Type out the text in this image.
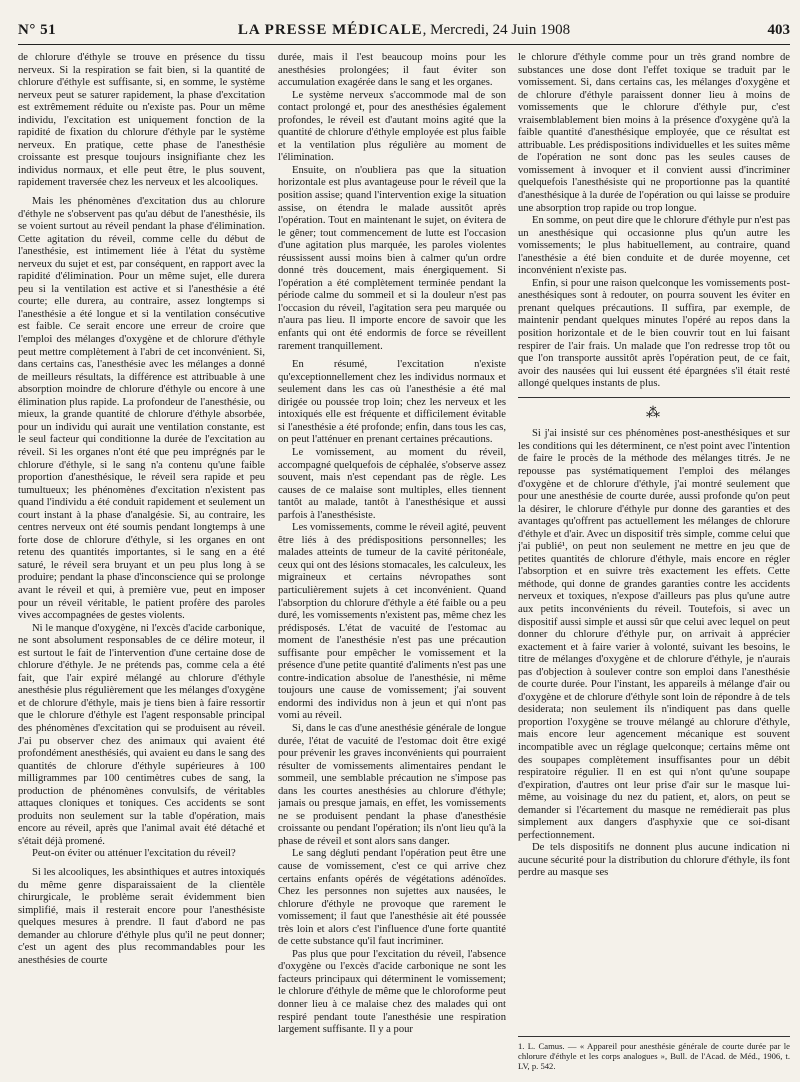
N° 51	LA PRESSE MÉDICALE, Mercredi, 24 Juin 1908	403

de chlorure d'éthyle se trouve en présence du tissu nerveux. Si la respiration se fait bien, si la quantité de chlorure d'éthyle est suffisante, si, en somme, le système nerveux peut se saturer rapidement, la phase d'excitation est extrêmement réduite ou n'existe pas. Pour un même individu, l'excitation est uniquement fonction de la rapidité de fixation du chlorure d'éthyle par le système nerveux. En pratique, cette phase de l'anesthésie croissante est presque toujours insignifiante chez les individus normaux, et elle peut être, le plus souvent, rapidement traversée chez les nerveux et les alcooliques.

Mais les phénomènes d'excitation dus au chlorure d'éthyle ne s'observent pas qu'au début de l'anesthésie, ils se voient surtout au réveil pendant la phase d'élimination. Cette agitation du réveil, comme celle du début de l'anesthésie, est intimement liée à l'état du système nerveux du sujet et est, par conséquent, en rapport avec la rapidité d'élimination. Pour un même sujet, elle durera peu si la ventilation est active et si l'anesthésie a été courte; elle durera, au contraire, assez longtemps si l'anesthésie a été longue et si la ventilation consécutive est faible. Ce serait encore une erreur de croire que l'emploi des mélanges d'oxygène et de chlorure d'éthyle peut mettre complètement à l'abri de cet inconvénient. Si, dans certains cas, l'anesthésie avec les mélanges a donné de meilleurs résultats, la différence est attribuable à une absorption moindre de chlorure d'éthyle ou encore à une élimination plus rapide. La profondeur de l'anesthésie, ou mieux, la grande quantité de chlorure d'éthyle absorbée, pour un individu qui aurait une ventilation constante, est le seul facteur qui conditionne la durée de l'excitation au réveil. Si les organes n'ont été que peu imprégnés par le chlorure d'éthyle, si le sang n'a contenu qu'une faible proportion d'anesthésique, le réveil sera rapide et peu tumultueux; les phénomènes d'excitation n'existent pas quand l'individu a été conduit rapidement et seulement un court instant à la phase d'analgésie. Si, au contraire, les centres nerveux ont été soumis pendant longtemps à une forte dose de chlorure d'éthyle, si les organes en ont retenu des quantités importantes, si le sang en a été saturé, le réveil sera bruyant et un peu plus long à se produire; pendant la phase d'inconscience qui se prolonge avant le réveil et qui, à première vue, peut en imposer pour un réveil véritable, le patient profère des paroles vives accompagnées de gestes violents.

Ni le manque d'oxygène, ni l'excès d'acide carbonique, ne sont absolument responsables de ce délire moteur, il est surtout le fait de l'intervention d'une certaine dose de chlorure d'éthyle. Je ne prétends pas, comme cela a été fait, que l'air expiré mélangé au chlorure d'éthyle anesthésie plus régulièrement que les mélanges d'oxygène et de chlorure d'éthyle, mais je tiens bien à faire ressortir que le chlorure d'éthyle est l'agent responsable principal des phénomènes d'excitation qui se produisent au réveil. J'ai pu observer chez des animaux qui avaient été profondément anesthésiés, qui avaient eu dans le sang des quantités de chlorure d'éthyle supérieures à 100 milligrammes par 100 centimètres cubes de sang, la production de phénomènes convulsifs, de véritables attaques cloniques et toniques. Ces accidents se sont produits non seulement sur la table d'opération, mais encore au réveil, après que l'animal avait été détaché et s'était déjà promené.

Peut-on éviter ou atténuer l'excitation du réveil?

Si les alcooliques, les absinthiques et autres intoxiqués du même genre disparaissaient de la clientèle chirurgicale, le problème serait évidemment bien simplifié, mais il resterait encore pour l'anesthésiste quelques mesures à prendre. Il faut d'abord ne pas demander au chlorure d'éthyle plus qu'il ne peut donner; c'est un agent des plus recommandables pour les anesthésies de courte

durée, mais il l'est beaucoup moins pour les anesthésies prolongées; il faut éviter son accumulation exagérée dans le sang et les organes.

Le système nerveux s'accommode mal de son contact prolongé et, pour des anesthésies également profondes, le réveil est d'autant moins agité que la quantité de chlorure d'éthyle employée est plus faible et la ventilation plus régulière au moment de l'élimination.

Ensuite, on n'oubliera pas que la situation horizontale est plus avantageuse pour le réveil que la position assise; quand l'intervention exige la situation assise, on étendra le malade aussitôt après l'opération. Tout en maintenant le sujet, on évitera de le gêner; tout commencement de lutte est l'occasion d'une agitation plus marquée, les paroles violentes réussissent aussi moins bien à calmer qu'un ordre donné très doucement, mais énergiquement. Si l'opération a été complètement terminée pendant la période calme du sommeil et si la douleur n'est pas l'occasion du réveil, l'agitation sera peu marquée ou n'aura pas lieu. Il importe encore de savoir que les enfants qui ont été endormis de force se réveillent rarement tranquillement.

En résumé, l'excitation n'existe qu'exceptionnellement chez les individus normaux et seulement dans les cas où l'anesthésie a été mal dirigée ou poussée trop loin; chez les nerveux et les intoxiqués elle est fréquente et difficilement évitable si l'anesthésie a été profonde; enfin, dans tous les cas, on peut l'atténuer en prenant certaines précautions.

Le vomissement, au moment du réveil, accompagné quelquefois de céphalée, s'observe assez souvent, mais n'est cependant pas de règle. Les causes de ce malaise sont multiples, elles tiennent tantôt au malade, tantôt à l'anesthésique et aussi parfois à l'anesthésiste.

Les vomissements, comme le réveil agité, peuvent être liés à des prédispositions personnelles; les malades atteints de tumeur de la cavité péritonéale, ceux qui ont des lésions stomacales, les calculeux, les migraineux et certains névropathes sont particulièrement sujets à cet inconvénient. Quand l'absorption du chlorure d'éthyle a été faible ou a peu duré, les vomissements n'existent pas, même chez les prédisposés. L'état de vacuité de l'estomac au moment de l'anesthésie n'est pas une précaution suffisante pour empêcher le vomissement et la présence d'une petite quantité d'aliments n'est pas une contre-indication absolue de l'anesthésie, ni même toujours une cause de vomissement; j'ai souvent endormi des individus non à jeun et qui n'ont pas vomi au réveil.

Si, dans le cas d'une anesthésie générale de longue durée, l'état de vacuité de l'estomac doit être exigé pour prévenir les graves inconvénients qui pourraient résulter de vomissements alimentaires pendant le sommeil, une semblable précaution ne s'impose pas dans les courtes anesthésies au chlorure d'éthyle; jamais ou presque jamais, en effet, les vomissements ne se produisent pendant la phase d'anesthésie croissante ou pendant l'opération; ils n'ont lieu qu'à la phase de réveil et sont alors sans danger.

Le sang dégluti pendant l'opération peut être une cause de vomissement, c'est ce qui arrive chez certains enfants opérés de végétations adénoïdes. Chez les personnes non sujettes aux nausées, le chlorure d'éthyle ne provoque que rarement le vomissement; il faut que l'anesthésie ait été poussée très loin et alors c'est l'influence d'une forte quantité de cette substance qu'il faut incriminer.

Pas plus que pour l'excitation du réveil, l'absence d'oxygène ou l'excès d'acide carbonique ne sont les facteurs principaux qui déterminent le vomissement; le chlorure d'éthyle de même que le chloroforme peut donner lieu à ce malaise chez des malades qui ont respiré pendant toute l'anesthésie une respiration largement suffisante. Il y a pour

le chlorure d'éthyle comme pour un très grand nombre de substances une dose dont l'effet toxique se traduit par le vomissement. Si, dans certains cas, les mélanges d'oxygène et de chlorure d'éthyle paraissent donner lieu à moins de vomissements que le chlorure d'éthyle pur, c'est vraisemblablement bien moins à la présence d'oxygène qu'à la faible quantité d'anesthésique employée, que ce résultat est attribuable. Les prédispositions individuelles et les suites même de l'opération ne sont donc pas les seules causes de vomissement à invoquer et il convient aussi d'incriminer quelquefois l'anesthésiste qui ne proportionne pas la quantité d'anesthésique à la durée de l'opération ou qui laisse se produire une absorption trop rapide ou trop longue.

En somme, on peut dire que le chlorure d'éthyle pur n'est pas un anesthésique qui occasionne plus qu'un autre les vomissements; le plus habituellement, au contraire, quand l'anesthésie a été bien conduite et de durée moyenne, cet inconvénient n'existe pas.

Enfin, si pour une raison quelconque les vomissements post-anesthésiques sont à redouter, on pourra souvent les éviter en prenant quelques précautions. Il suffira, par exemple, de maintenir pendant quelques minutes l'opéré au repos dans la position horizontale et de le bien couvrir tout en lui faisant respirer de l'air frais. Un malade que l'on redresse trop tôt ou que l'on transporte aussitôt après l'opération peut, de ce fait, avoir des nausées qui lui eussent été épargnées s'il était resté allongé quelques instants de plus.

⁂

Si j'ai insisté sur ces phénomènes post-anesthésiques et sur les conditions qui les déterminent, ce n'est point avec l'intention de faire le procès de la méthode des mélanges titrés. Je ne repousse pas systématiquement l'emploi des mélanges d'oxygène et de chlorure d'éthyle, j'ai montré seulement que pour une anesthésie de courte durée, aussi profonde qu'on peut la désirer, le chlorure d'éthyle pur donne des garanties et des avantages qu'offrent pas actuellement les mélanges de chlorure d'éthyle et d'air. Avec un dispositif très simple, comme celui que j'ai publié¹, on peut non seulement ne mettre en jeu que de petites quantités de chlorure d'éthyle, mais encore en régler l'absorption et en suivre très exactement les effets. Cette méthode, qui donne de grandes garanties contre les accidents nerveux et toxiques, n'expose d'ailleurs pas plus qu'une autre aux petits inconvénients du réveil. Toutefois, si avec un dispositif aussi simple et aussi sûr que celui avec lequel on peut donner du chlorure d'éthyle pur, on arrivait à apprécier exactement et à faire varier à volonté, suivant les besoins, le titre de mélanges d'oxygène et de chlorure d'éthyle, je n'aurais pas d'objection à soulever contre son emploi dans l'anesthésie de courte durée. Pour l'instant, les appareils à mélange d'air ou d'oxygène et de chlorure d'éthyle sont loin de répondre à de tels desiderata; non seulement ils n'indiquent pas dans quelle proportion l'oxygène se trouve mélangé au chlorure d'éthyle, mais encore leur agencement mécanique est souvent incompatible avec un réglage quelconque; certains même ont des soupapes complètement insuffisantes pour un débit respiratoire régulier. Il en est qui n'ont qu'une soupape d'expiration, d'autres ont leur prise d'air sur le masque lui-même, au voisinage du nez du patient, et, alors, on peut se demander si l'écartement du masque ne remédierait pas plus simplement aux dangers d'asphyxie que ce soi-disant perfectionnement.

De tels dispositifs ne donnent plus aucune indication ni aucune sécurité pour la distribution du chlorure d'éthyle, ils font perdre au masque ses

1. L. Camus. — « Appareil pour anesthésie générale de courte durée par le chlorure d'éthyle et les corps analogues », Bull. de l'Acad. de Méd., 1906, t. LV, p. 542.
